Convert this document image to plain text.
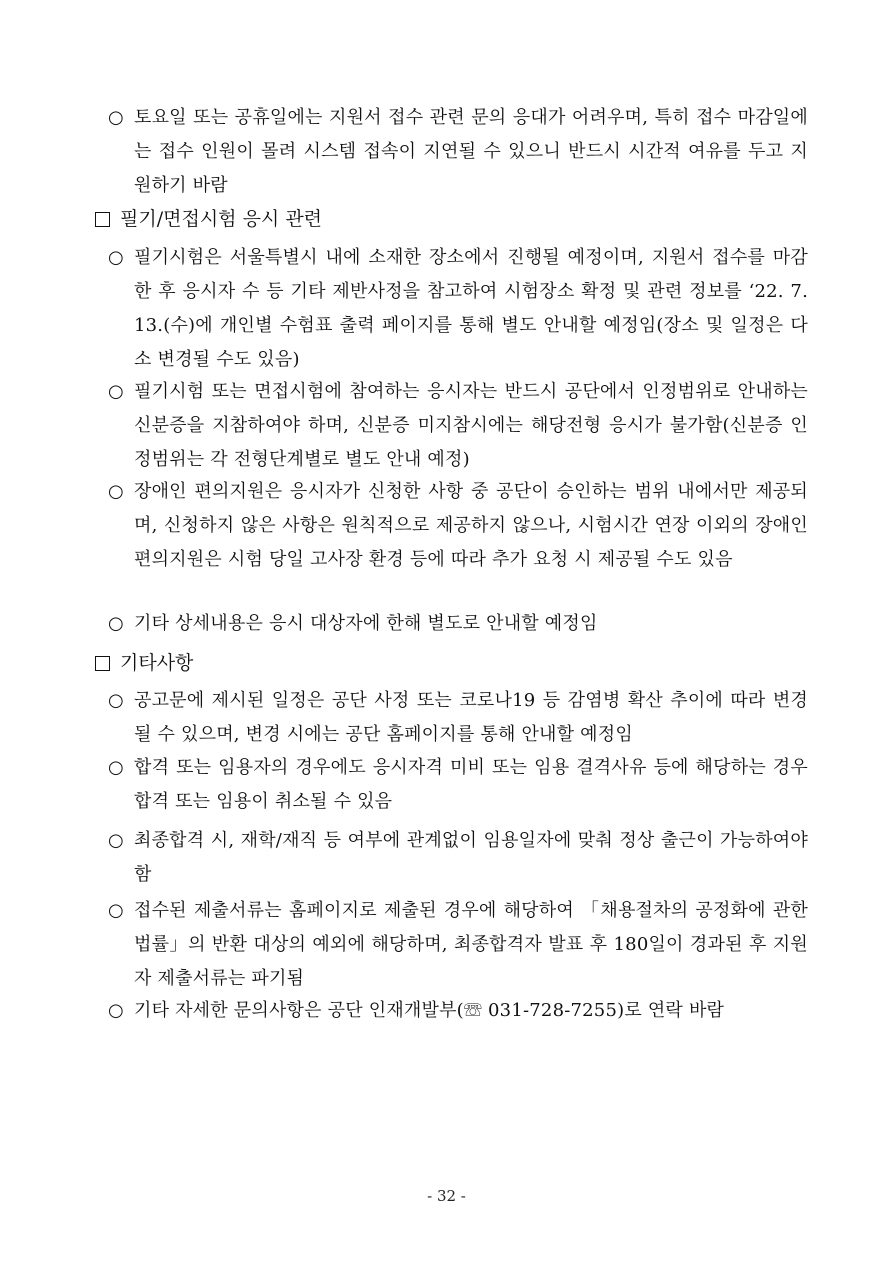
○ 토요일 또는 공휴일에는 지원서 접수 관련 문의 응대가 어려우며, 특히 접수 마감일에는 접수 인원이 몰려 시스템 접속이 지연될 수 있으니 반드시 시간적 여유를 두고 지원하기 바람
필기/면접시험 응시 관련
○ 필기시험은 서울특별시 내에 소재한 장소에서 진행될 예정이며, 지원서 접수를 마감한 후 응시자 수 등 기타 제반사정을 참고하여 시험장소 확정 및 관련 정보를 ‘22. 7. 13.(수)에 개인별 수험표 출력 페이지를 통해 별도 안내할 예정임(장소 및 일정은 다소 변경될 수도 있음)
○ 필기시험 또는 면접시험에 참여하는 응시자는 반드시 공단에서 인정범위로 안내하는 신분증을 지참하여야 하며, 신분증 미지참시에는 해당전형 응시가 불가함(신분증 인정범위는 각 전형단계별로 별도 안내 예정)
○ 장애인 편의지원은 응시자가 신청한 사항 중 공단이 승인하는 범위 내에서만 제공되며, 신청하지 않은 사항은 원칙적으로 제공하지 않으나, 시험시간 연장 이외의 장애인 편의지원은 시험 당일 고사장 환경 등에 따라 추가 요청 시 제공될 수도 있음
○ 기타 상세내용은 응시 대상자에 한해 별도로 안내할 예정임
기타사항
○ 공고문에 제시된 일정은 공단 사정 또는 코로나19 등 감염병 확산 추이에 따라 변경될 수 있으며, 변경 시에는 공단 홈페이지를 통해 안내할 예정임
○ 합격 또는 임용자의 경우에도 응시자격 미비 또는 임용 결격사유 등에 해당하는 경우 합격 또는 임용이 취소될 수 있음
○ 최종합격 시, 재학/재직 등 여부에 관계없이 임용일자에 맞춰 정상 출근이 가능하여야 함
○ 접수된 제출서류는 홈페이지로 제출된 경우에 해당하여 「채용절차의 공정화에 관한 법률」의 반환 대상의 예외에 해당하며, 최종합격자 발표 후 180일이 경과된 후 지원자 제출서류는 파기됨
○ 기타 자세한 문의사항은 공단 인재개발부(☏ 031-728-7255)로 연락 바람
- 32 -
